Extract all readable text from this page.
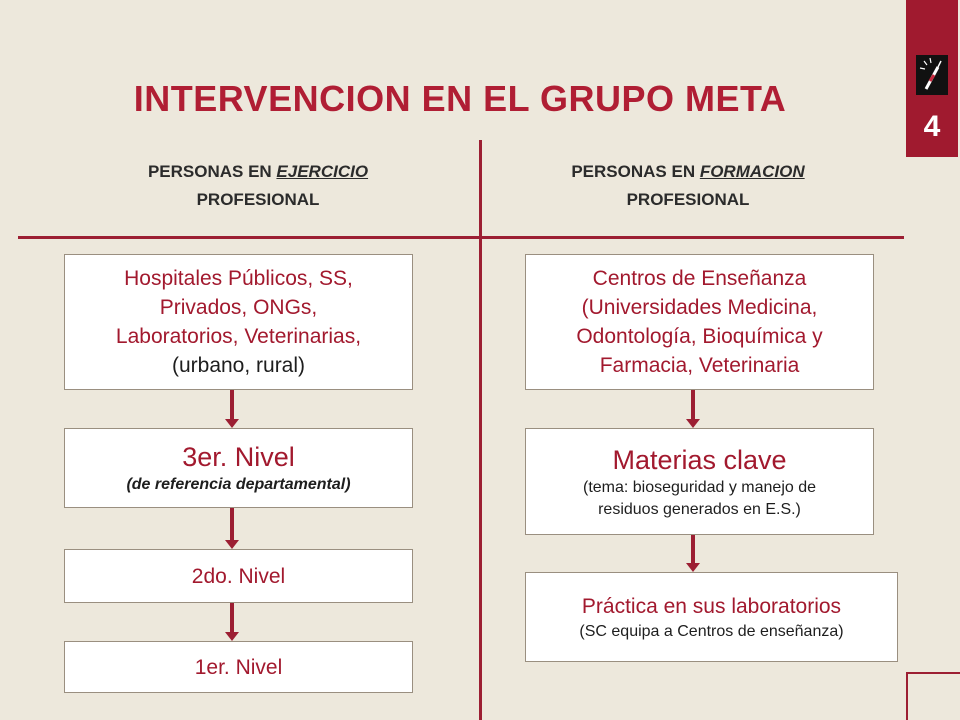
INTERVENCION EN EL GRUPO META
4
PERSONAS EN EJERCICIO
PROFESIONAL
PERSONAS EN FORMACION
PROFESIONAL
Hospitales Públicos, SS,
Privados, ONGs,
Laboratorios, Veterinarias,
(urbano, rural)
3er. Nivel
(de referencia departamental)
2do. Nivel
1er. Nivel
Centros de Enseñanza
(Universidades Medicina,
Odontología, Bioquímica y
Farmacia, Veterinaria
Materias clave
(tema: bioseguridad y manejo de
residuos generados en E.S.)
Práctica en sus laboratorios
(SC equipa a Centros de enseñanza)
